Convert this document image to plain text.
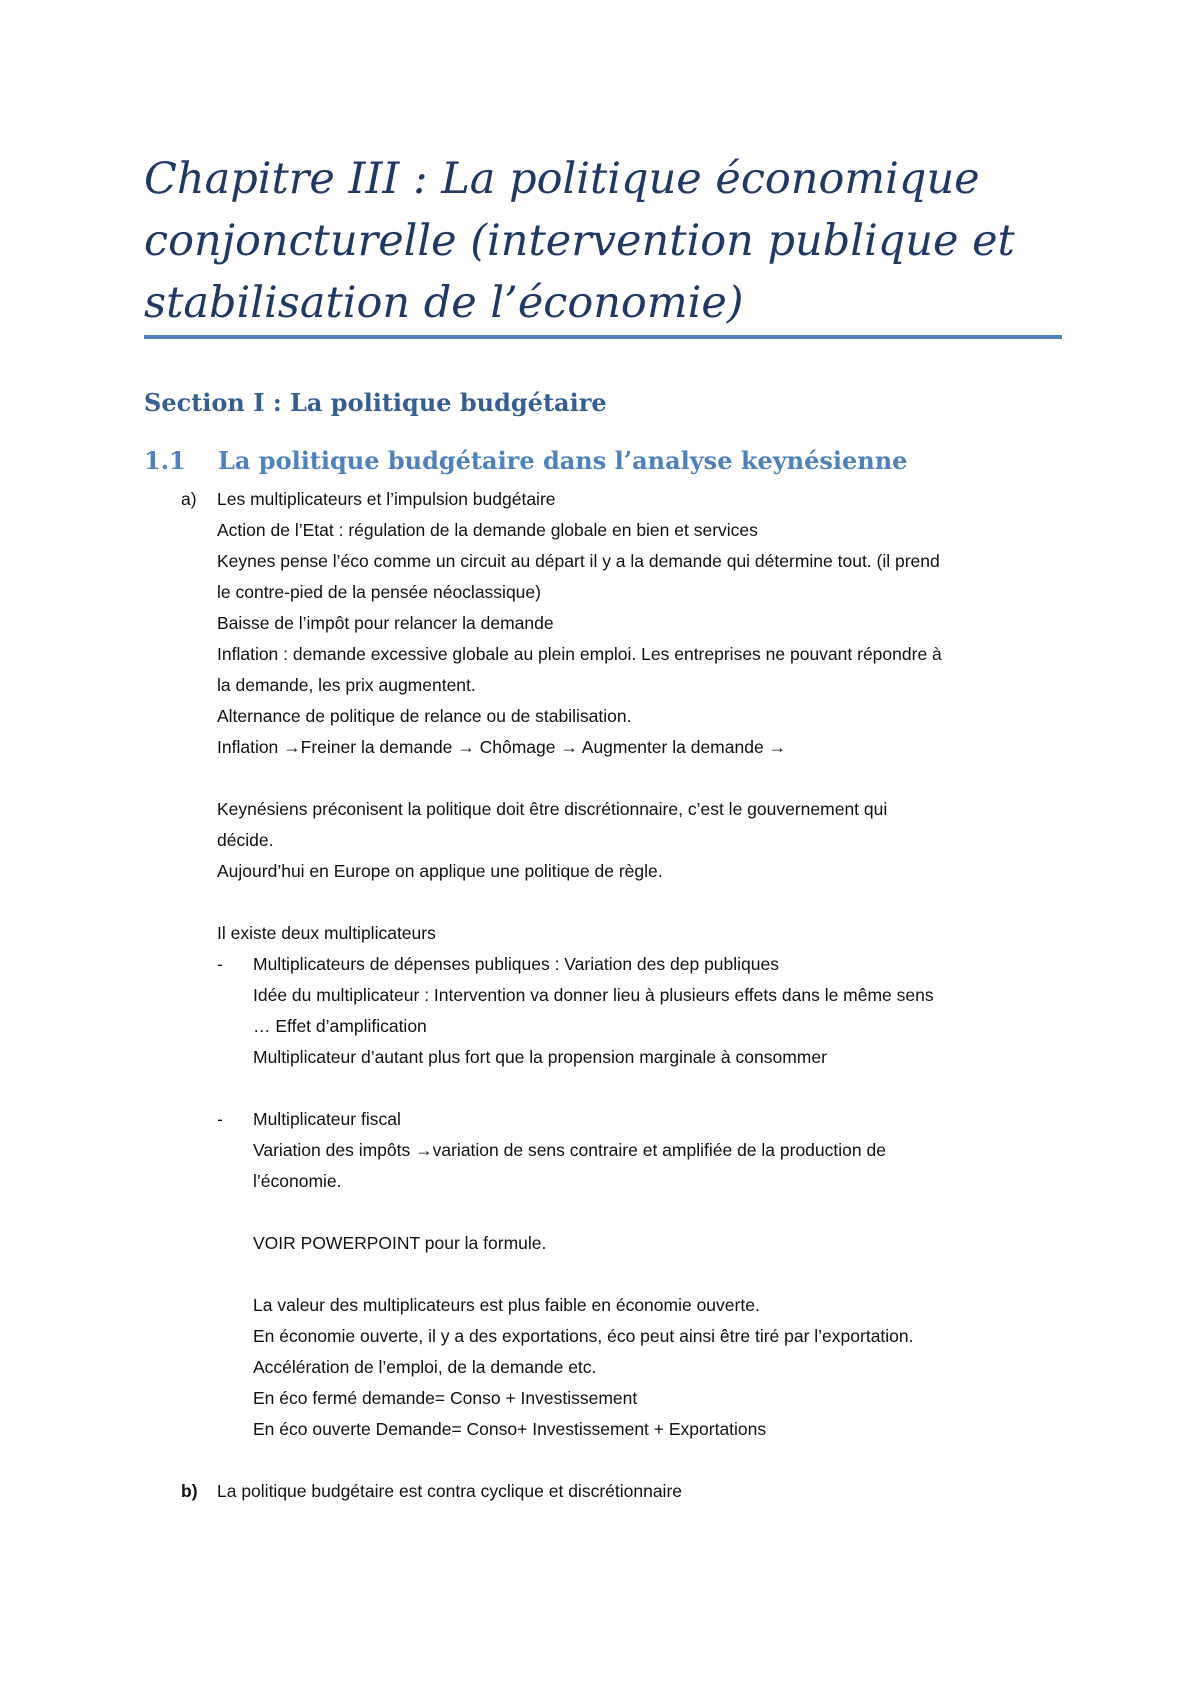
Chapitre III : La politique économique
conjoncturelle (intervention publique et
stabilisation de l’économie)
Section I : La politique budgétaire
1.1 La politique budgétaire dans l’analyse keynésienne
a) Les multiplicateurs et l’impulsion budgétaire
Action de l’Etat : régulation de la demande globale en bien et services
Keynes pense l’éco comme un circuit au départ il y a la demande qui détermine tout. (il prend
le contre-pied de la pensée néoclassique)
Baisse de l’impôt pour relancer la demande
Inflation : demande excessive globale au plein emploi. Les entreprises ne pouvant répondre à
la demande, les prix augmentent.
Alternance de politique de relance ou de stabilisation.
Inflation →Freiner la demande → Chômage → Augmenter la demande →
Keynésiens préconisent la politique doit être discrétionnaire, c’est le gouvernement qui
décide.
Aujourd’hui en Europe on applique une politique de règle.
Il existe deux multiplicateurs
- Multiplicateurs de dépenses publiques : Variation des dep publiques
Idée du multiplicateur : Intervention va donner lieu à plusieurs effets dans le même sens
… Effet d’amplification
Multiplicateur d’autant plus fort que la propension marginale à consommer
- Multiplicateur fiscal
Variation des impôts →variation de sens contraire et amplifiée de la production de
l’économie.
VOIR POWERPOINT pour la formule.
La valeur des multiplicateurs est plus faible en économie ouverte.
En économie ouverte, il y a des exportations, éco peut ainsi être tiré par l’exportation.
Accélération de l’emploi, de la demande etc.
En éco fermé demande= Conso + Investissement
En éco ouverte Demande= Conso+ Investissement + Exportations
b) La politique budgétaire est contra cyclique et discrétionnaire
